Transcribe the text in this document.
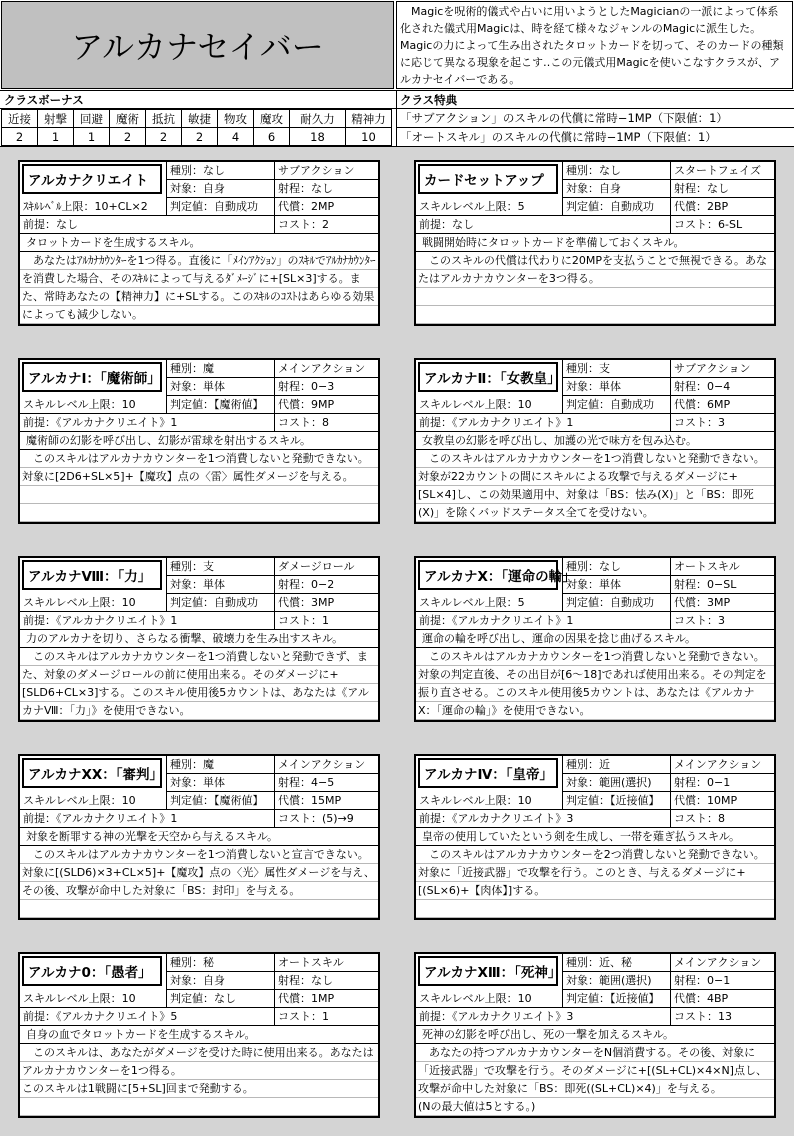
アルカナセイバー
Magicを呪術的儀式や占いに用いようとしたMagicianの一派によって体系化された儀式用Magicは、時を経て様々なジャンルのMagicに派生した。 Magicの力によって生み出されたタロットカードを切って、そのカードの種類に応じて異なる現象を起こす‥この元儀式用Magicを使いこなすクラスが、アルカナセイバーである。
クラスボーナス	クラス特典
近接	射撃	回避	魔術	抵抗	敏捷	物攻	魔攻	耐久力	精神力
2	1	1	2	2	2	4	6	18	10
「サブアクション」のスキルの代償に常時−1MP（下限値：1）
「オートスキル」のスキルの代償に常時−1MP（下限値：1）
アルカナクリエイト
種別：なし	サブアクション
対象：自身	射程：なし
ｽｷﾙﾚﾍﾞﾙ上限：10+CL×2	判定値：自動成功	代償：2MP
前提：なし	コスト：2
タロットカードを生成するスキル。
あなたはｱﾙｶﾅｶｳﾝﾀｰを1つ得る。直後に「ﾒｲﾝｱｸｼｮﾝ」のｽｷﾙでｱﾙｶﾅｶｳﾝﾀｰを消費した場合、そのｽｷﾙによって与えるﾀﾞﾒｰｼﾞに+[SL×3]する。また、常時あなたの【精神力】に+SLする。このｽｷﾙのｺｽﾄはあらゆる効果によっても減少しない。
カードセットアップ
種別：なし	スタートフェイズ
対象：自身	射程：なし
スキルレベル上限：5	判定値：自動成功	代償：2BP
前提：なし	コスト：6-SL
戦闘開始時にタロットカードを準備しておくスキル。
このスキルの代償は代わりに20MPを支払うことで無視できる。あなたはアルカナカウンターを3つ得る。
アルカナⅠ：「魔術師」
種別：魔	メインアクション
対象：単体	射程：0−3
スキルレベル上限：10	判定値：【魔術値】	代償：9MP
前提：《アルカナクリエイト》1	コスト：8
魔術師の幻影を呼び出し、幻影が雷球を射出するスキル。
このスキルはアルカナカウンターを1つ消費しないと発動できない。対象に[2D6+SL×5]+【魔攻】点の〈雷〉属性ダメージを与える。
アルカナⅡ：「女教皇」
種別：支	サブアクション
対象：単体	射程：0−4
スキルレベル上限：10	判定値：自動成功	代償：6MP
前提：《アルカナクリエイト》1	コスト：3
女教皇の幻影を呼び出し、加護の光で味方を包み込む。
このスキルはアルカナカウンターを1つ消費しないと発動できない。対象が22カウントの間にスキルによる攻撃で与えるダメージに+[SL×4]し、この効果適用中、対象は「BS：怯み(X)」と「BS：即死(X)」を除くバッドステータス全てを受けない。
アルカナⅧ：「力」
種別：支	ダメージロール
対象：単体	射程：0−2
スキルレベル上限：10	判定値：自動成功	代償：3MP
前提：《アルカナクリエイト》1	コスト：1
力のアルカナを切り、さらなる衝撃、破壊力を生み出すスキル。
このスキルはアルカナカウンターを1つ消費しないと発動できず、また、対象のダメージロールの前に使用出来る。そのダメージに+[SLD6+CL×3]する。このスキル使用後5カウントは、あなたは《アルカナⅧ：「力」》を使用できない。
アルカナⅩ：「運命の輪」
種別：なし	オートスキル
対象：単体	射程：0−SL
スキルレベル上限：5	判定値：自動成功	代償：3MP
前提：《アルカナクリエイト》1	コスト：3
運命の輪を呼び出し、運命の因果を捻じ曲げるスキル。
このスキルはアルカナカウンターを1つ消費しないと発動できない。対象の判定直後、その出目が[6〜18]であれば使用出来る。その判定を振り直させる。このスキル使用後5カウントは、あなたは《アルカナⅩ：「運命の輪」》を使用できない。
アルカナⅩⅩ：「審判」
種別：魔	メインアクション
対象：単体	射程：4−5
スキルレベル上限：10	判定値：【魔術値】	代償：15MP
前提：《アルカナクリエイト》1	コスト：(5)→9
対象を断罪する神の光撃を天空から与えるスキル。
このスキルはアルカナカウンターを1つ消費しないと宣言できない。対象に[(SLD6)×3+CL×5]+【魔攻】点の〈光〉属性ダメージを与え、その後、攻撃が命中した対象に「BS：封印」を与える。
アルカナⅣ：「皇帝」
種別：近	メインアクション
対象：範囲(選択)	射程：0−1
スキルレベル上限：10	判定値：【近接値】	代償：10MP
前提：《アルカナクリエイト》3	コスト：8
皇帝の使用していたという剣を生成し、一帯を薙ぎ払うスキル。
このスキルはアルカナカウンターを2つ消費しないと発動できない。対象に「近接武器」で攻撃を行う。このとき、与えるダメージに+[(SL×6)+【肉体】]する。
アルカナ0：「愚者」
種別：秘	オートスキル
対象：自身	射程：なし
スキルレベル上限：10	判定値：なし	代償：1MP
前提：《アルカナクリエイト》5	コスト：1
自身の血でタロットカードを生成するスキル。
このスキルは、あなたがダメージを受けた時に使用出来る。あなたはアルカナカウンターを1つ得る。
このスキルは1戦闘に[5+SL]回まで発動する。
アルカナⅩⅢ：「死神」
種別：近、秘	メインアクション
対象：範囲(選択)	射程：0−1
スキルレベル上限：10	判定値：【近接値】	代償：4BP
前提：《アルカナクリエイト》3	コスト：13
死神の幻影を呼び出し、死の一撃を加えるスキル。
あなたの持つアルカナカウンターをN個消費する。その後、対象に「近接武器」で攻撃を行う。そのダメージに+[(SL+CL)×4×N]点し、攻撃が命中した対象に「BS：即死((SL+CL)×4)」を与える。
(Nの最大値は5とする。)
